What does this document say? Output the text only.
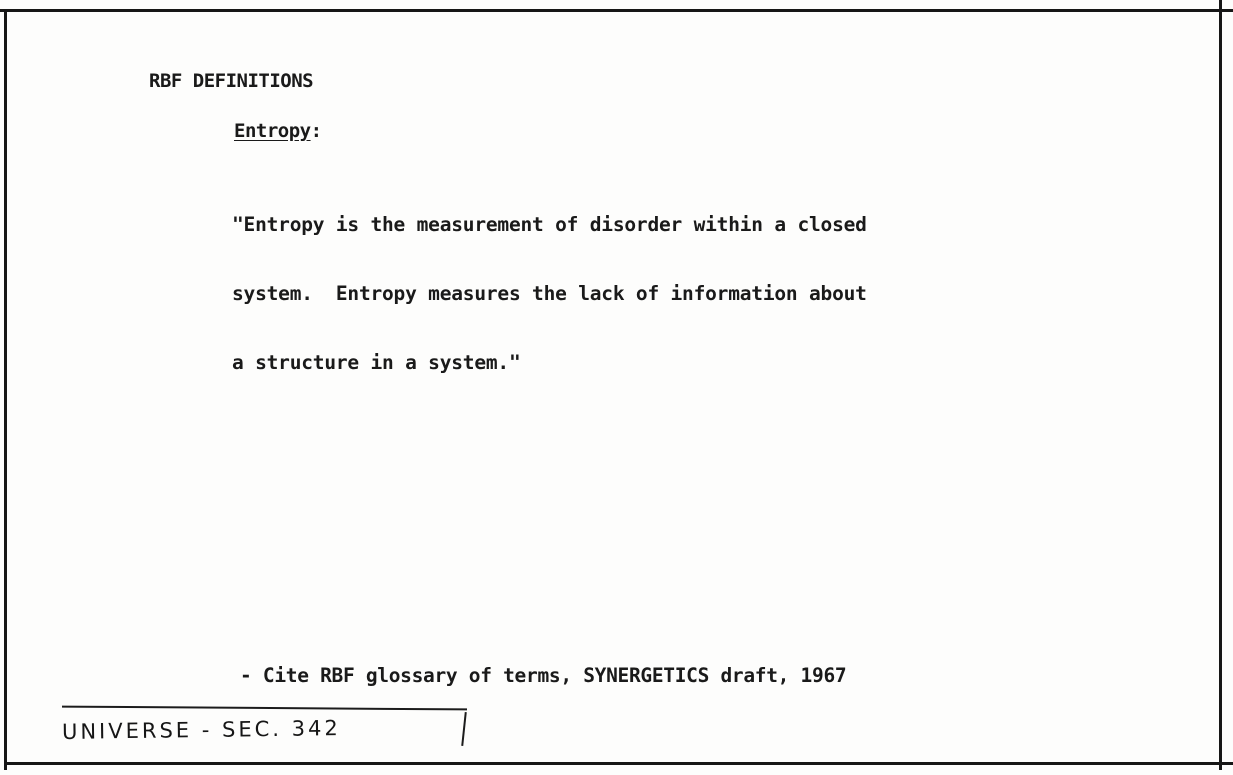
RBF DEFINITIONS
Entropy:

"Entropy is the measurement of disorder within a closed

system.  Entropy measures the lack of information about

a structure in a system."

- Cite RBF glossary of terms, SYNERGETICS draft, 1967
UNIVERSE - SEC. 342
